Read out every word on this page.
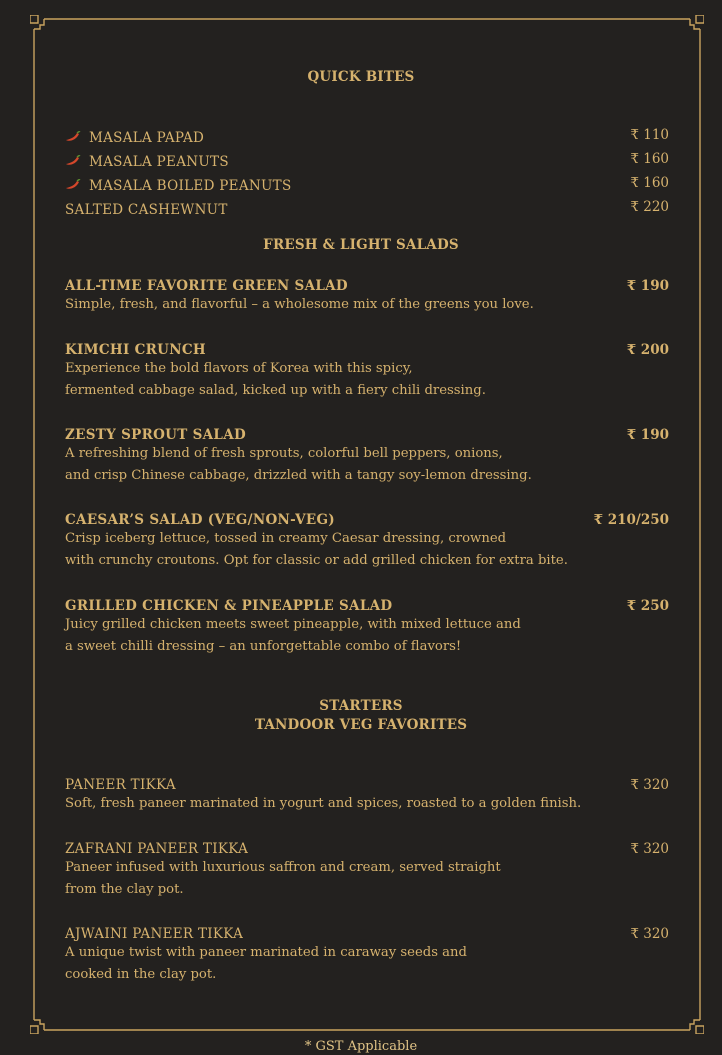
QUICK BITES
MASALA PAPAD	₹ 110
MASALA PEANUTS	₹ 160
MASALA BOILED PEANUTS	₹ 160
SALTED CASHEWNUT	₹ 220
FRESH & LIGHT SALADS
ALL-TIME FAVORITE GREEN SALAD	₹ 190
Simple, fresh, and flavorful – a wholesome mix of the greens you love.
KIMCHI CRUNCH	₹ 200
Experience the bold flavors of Korea with this spicy,
fermented cabbage salad, kicked up with a fiery chili dressing.
ZESTY SPROUT SALAD	₹ 190
A refreshing blend of fresh sprouts, colorful bell peppers, onions,
and crisp Chinese cabbage, drizzled with a tangy soy-lemon dressing.
CAESAR’S SALAD (VEG/NON-VEG)	₹ 210/250
Crisp iceberg lettuce, tossed in creamy Caesar dressing, crowned
with crunchy croutons. Opt for classic or add grilled chicken for extra bite.
GRILLED CHICKEN & PINEAPPLE SALAD	₹ 250
Juicy grilled chicken meets sweet pineapple, with mixed lettuce and
a sweet chilli dressing – an unforgettable combo of flavors!
STARTERS
TANDOOR VEG FAVORITES
PANEER TIKKA	₹ 320
Soft, fresh paneer marinated in yogurt and spices, roasted to a golden finish.
ZAFRANI PANEER TIKKA	₹ 320
Paneer infused with luxurious saffron and cream, served straight
from the clay pot.
AJWAINI PANEER TIKKA	₹ 320
A unique twist with paneer marinated in caraway seeds and
cooked in the clay pot.
* GST Applicable
